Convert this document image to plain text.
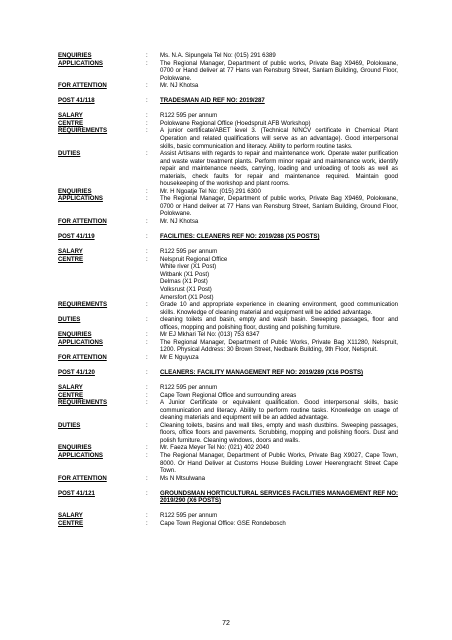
ENQUIRIES	:	Ms. N.A. Sipungela Tel No: (015) 291 6389
APPLICATIONS	:	The Regional Manager, Department of public works, Private Bag X9469, Polokwane, 0700 or Hand deliver at 77 Hans van Rensburg Street, Sanlam Building, Ground Floor, Polokwane.
FOR ATTENTION	:	Mr. NJ Khotsa
POST 41/118	:	TRADESMAN AID REF NO: 2019/287
SALARY	:	R122 595 per annum
CENTRE	:	Polokwane Regional Office (Hoedspruit AFB Workshop)
REQUIREMENTS	:	A junior certificate/ABET level 3. (Technical N/NCV certificate in Chemical Plant Operation and related qualifications will serve as an advantage). Good interpersonal skills, basic communication and literacy. Ability to perform routine tasks.
DUTIES	:	Assist Artisans with regards to repair and maintenance work. Operate water purification and waste water treatment plants. Perform minor repair and maintenance work, identify repair and maintenance needs, carrying, loading and unloading of tools as well as materials, check faults for repair and maintenance required. Maintain good housekeeping of the workshop and plant rooms.
ENQUIRIES	:	Mr. H Ngoatje Tel No: (015) 291 6300
APPLICATIONS	:	The Regional Manager, Department of public works, Private Bag X9469, Polokwane, 0700 or Hand deliver at 77 Hans van Rensburg Street, Sanlam Building, Ground Floor, Polokwane.
FOR ATTENTION	:	Mr. NJ Khotsa
POST 41/119	:	FACILITIES: CLEANERS REF NO: 2019/288 (X5 POSTS)
SALARY	:	R122 595 per annum
CENTRE	:	Nelspruit Regional Office
White river (X1 Post)
Witbank (X1 Post)
Delmas (X1 Post)
Volksrust (X1 Post)
Amersfort (X1 Post)
REQUIREMENTS	:	Grade 10 and appropriate experience in cleaning environment, good communication skills. Knowledge of cleaning material and equipment will be added advantage.
DUTIES	:	cleaning toilets and basin, empty and wash basin. Sweeping passages, floor and offices, mopping and polishing floor, dusting and polishing furniture.
ENQUIRIES	:	Mr EJ Mkhari Tel No: (013) 753 6347
APPLICATIONS	:	The Regional Manager, Department of Public Works, Private Bag X11280, Nelspruit, 1200. Physical Address: 30 Brown Street, Nedbank Building, 9th Floor, Nelspruit.
FOR ATTENTION	:	Mr E Nguyuza
POST 41/120	:	CLEANERS: FACILITY MANAGEMENT REF NO: 2019/289 (X16 POSTS)
SALARY	:	R122 595 per annum
CENTRE	:	Cape Town Regional Office and surrounding areas
REQUIREMENTS	:	A Junior Certificate or equivalent qualification. Good interpersonal skills, basic communication and literacy. Ability to perform routine tasks. Knowledge on usage of cleaning materials and equipment will be an added advantage.
DUTIES	:	Cleaning toilets, basins and wall tiles, empty and wash dustbins. Sweeping passages, floors, office floors and pavements. Scrubbing, mopping and polishing floors. Dust and polish furniture. Cleaning windows, doors and walls.
ENQUIRIES	:	Mr. Faeza Meyer Tel No: (021) 402 2040
APPLICATIONS	:	The Regional Manager, Department of Public Works, Private Bag X9027, Cape Town, 8000. Or Hand Deliver at Customs House Building Lower Heerengracht Street Cape Town.
FOR ATTENTION	:	Ms N Mtsulwana
POST 41/121	:	GROUNDSMAN HORTICULTURAL SERVICES FACILITIES MANAGEMENT REF NO: 2019/290 (X6 POSTS)
SALARY	:	R122 595 per annum
CENTRE	:	Cape Town Regional Office: GSE Rondebosch
72
